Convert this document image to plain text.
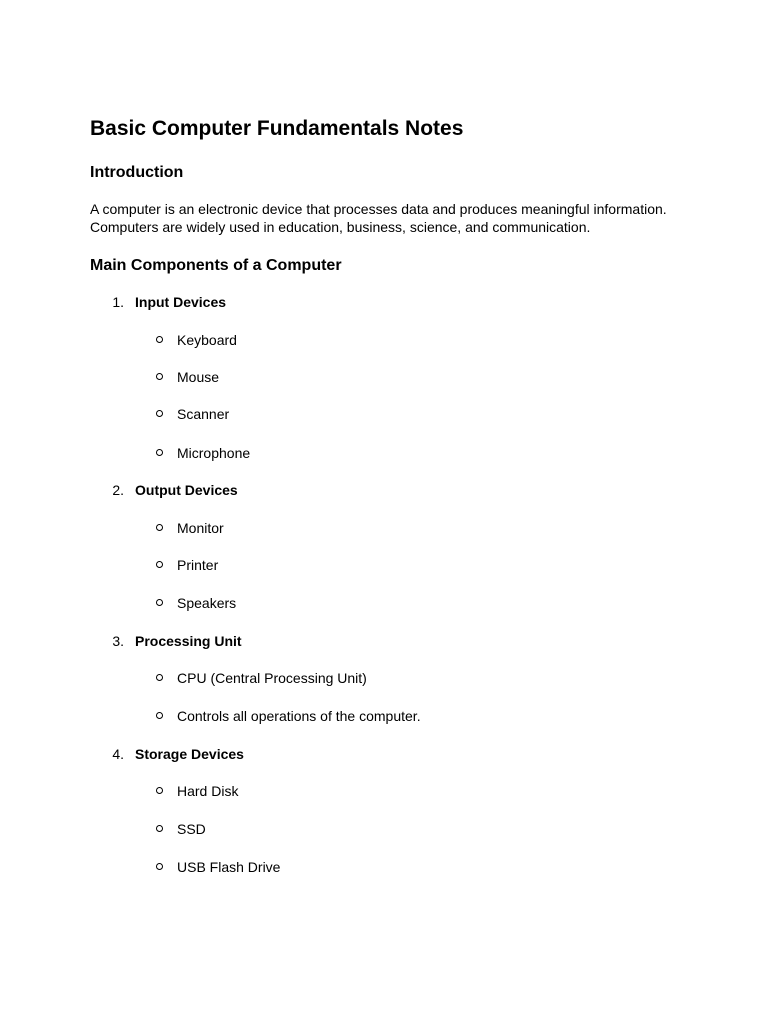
Basic Computer Fundamentals Notes
Introduction

A computer is an electronic device that processes data and produces meaningful information.
Computers are widely used in education, business, science, and communication.

Main Components of a Computer
1. Input Devices
Keyboard
Mouse
Scanner
Microphone
2. Output Devices
Monitor
Printer
Speakers
3. Processing Unit
CPU (Central Processing Unit)
Controls all operations of the computer.
4. Storage Devices
Hard Disk
SSD
USB Flash Drive
